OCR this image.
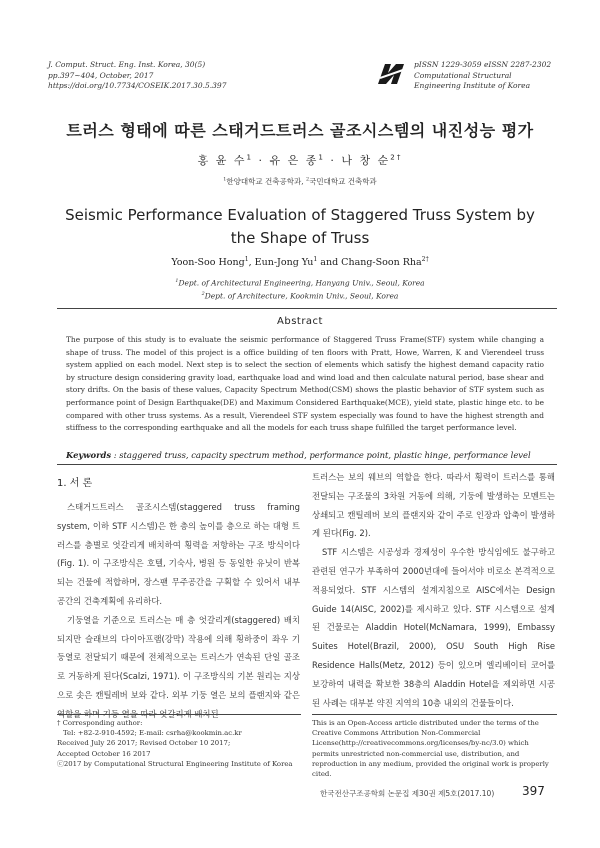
J. Comput. Struct. Eng. Inst. Korea, 30(5)
pp.397~404, October, 2017
https://doi.org/10.7734/COSEIK.2017.30.5.397
pISSN 1229-3059 eISSN 2287-2302
Computational Structural
Engineering Institute of Korea
트러스 형태에 따른 스태거드트러스 골조시스템의 내진성능 평가
홍 윤 수$^1$ · 유 은 종$^1$ · 나 창 순$^{2\dagger}$
$^1$한양대학교 건축공학과, $^2$국민대학교 건축학과
Seismic Performance Evaluation of Staggered Truss System by
the Shape of Truss
Yoon-Soo Hong$^1$, Eun-Jong Yu$^1$ and Chang-Soon Rha$^{2\dagger}$
$^1$Dept. of Architectural Engineering, Hanyang Univ., Seoul, Korea
$^2$Dept. of Architecture, Kookmin Univ., Seoul, Korea
Abstract
The purpose of this study is to evaluate the seismic performance of Staggered Truss Frame(STF) system while changing a shape of truss. The model of this project is a office building of ten floors with Pratt, Howe, Warren, K and Vierendeel truss system applied on each model. Next step is to select the section of elements which satisfy the highest demand capacity ratio by structure design considering gravity load, earthquake load and wind load and then calculate natural period, base shear and story drifts. On the basis of these values, Capacity Spectrum Method(CSM) shows the plastic behavior of STF system such as performance point of Design Earthquake(DE) and Maximum Considered Earthquake(MCE), yield state, plastic hinge etc. to be compared with other truss systems. As a result, Vierendeel STF system especially was found to have the highest strength and stiffness to the corresponding earthquake and all the models for each truss shape fulfilled the target performance level.
Keywords : staggered truss, capacity spectrum method, performance point, plastic hinge, performance level
1. 서 론

스태거드트러스 골조시스템(staggered truss framing system, 이하 STF 시스템)은 한 층의 높이를 층으로 하는 대형 트러스를 층별로 엇갈리게 배치하여 횡력을 저항하는 구조 방식이다(Fig. 1). 이 구조방식은 호텔, 기숙사, 병원 등 동일한 유닛이 반복되는 건물에 적합하며, 장스팬 무주공간을 구획할 수 있어서 내부 공간의 건축계획에 유리하다.

기둥열을 기준으로 트러스는 매 층 엇갈리게(staggered) 배치되지만 슬래브의 다이아프램(강막) 작용에 의해 횡하중이 좌우 기둥열로 전달되기 때문에 전체적으로는 트러스가 연속된 단일 골조로 거동하게 된다(Scalzi, 1971). 이 구조방식의 기본 원리는 지상으로 솟은 캔틸레버 보와 같다. 외부 기둥 열은 보의 플랜지와 같은 역할을 하며 기둥 열을 따라 엇갈리게 배치된

트러스는 보의 웨브의 역할을 한다. 따라서 횡력이 트러스를 통해 전달되는 구조물의 3차원 거동에 의해, 기둥에 발생하는 모멘트는 상쇄되고 캔틸레버 보의 플랜지와 같이 주로 인장과 압축이 발생하게 된다(Fig. 2).

STF 시스템은 시공성과 경제성이 우수한 방식임에도 불구하고 관련된 연구가 부족하여 2000년대에 들어서야 비로소 본격적으로 적용되었다. STF 시스템의 설계지침으로 AISC에서는 Design Guide 14(AISC, 2002)를 제시하고 있다. STF 시스템으로 설계된 건물로는 Aladdin Hotel(McNamara, 1999), Embassy Suites Hotel(Brazil, 2000), OSU South High Rise Residence Halls(Metz, 2012) 등이 있으며 엘리베이터 코어를 보강하여 내력을 확보한 38층의 Aladdin Hotel을 제외하면 시공된 사례는 대부분 약진 지역의 10층 내외의 건물들이다.

† Corresponding author:
Tel: +82-2-910-4592; E-mail: csrha@kookmin.ac.kr
Received July 26 2017; Revised October 10 2017;
Accepted October 16 2017
ⓒ2017 by Computational Structural Engineering Institute of Korea
This is an Open-Access article distributed under the terms of the Creative Commons Attribution Non-Commercial License(http://creativecommons.org/licenses/by-nc/3.0) which permits unrestricted non-commercial use, distribution, and reproduction in any medium, provided the original work is properly cited.
한국전산구조공학회 논문집 제30권 제5호(2017.10) 397
